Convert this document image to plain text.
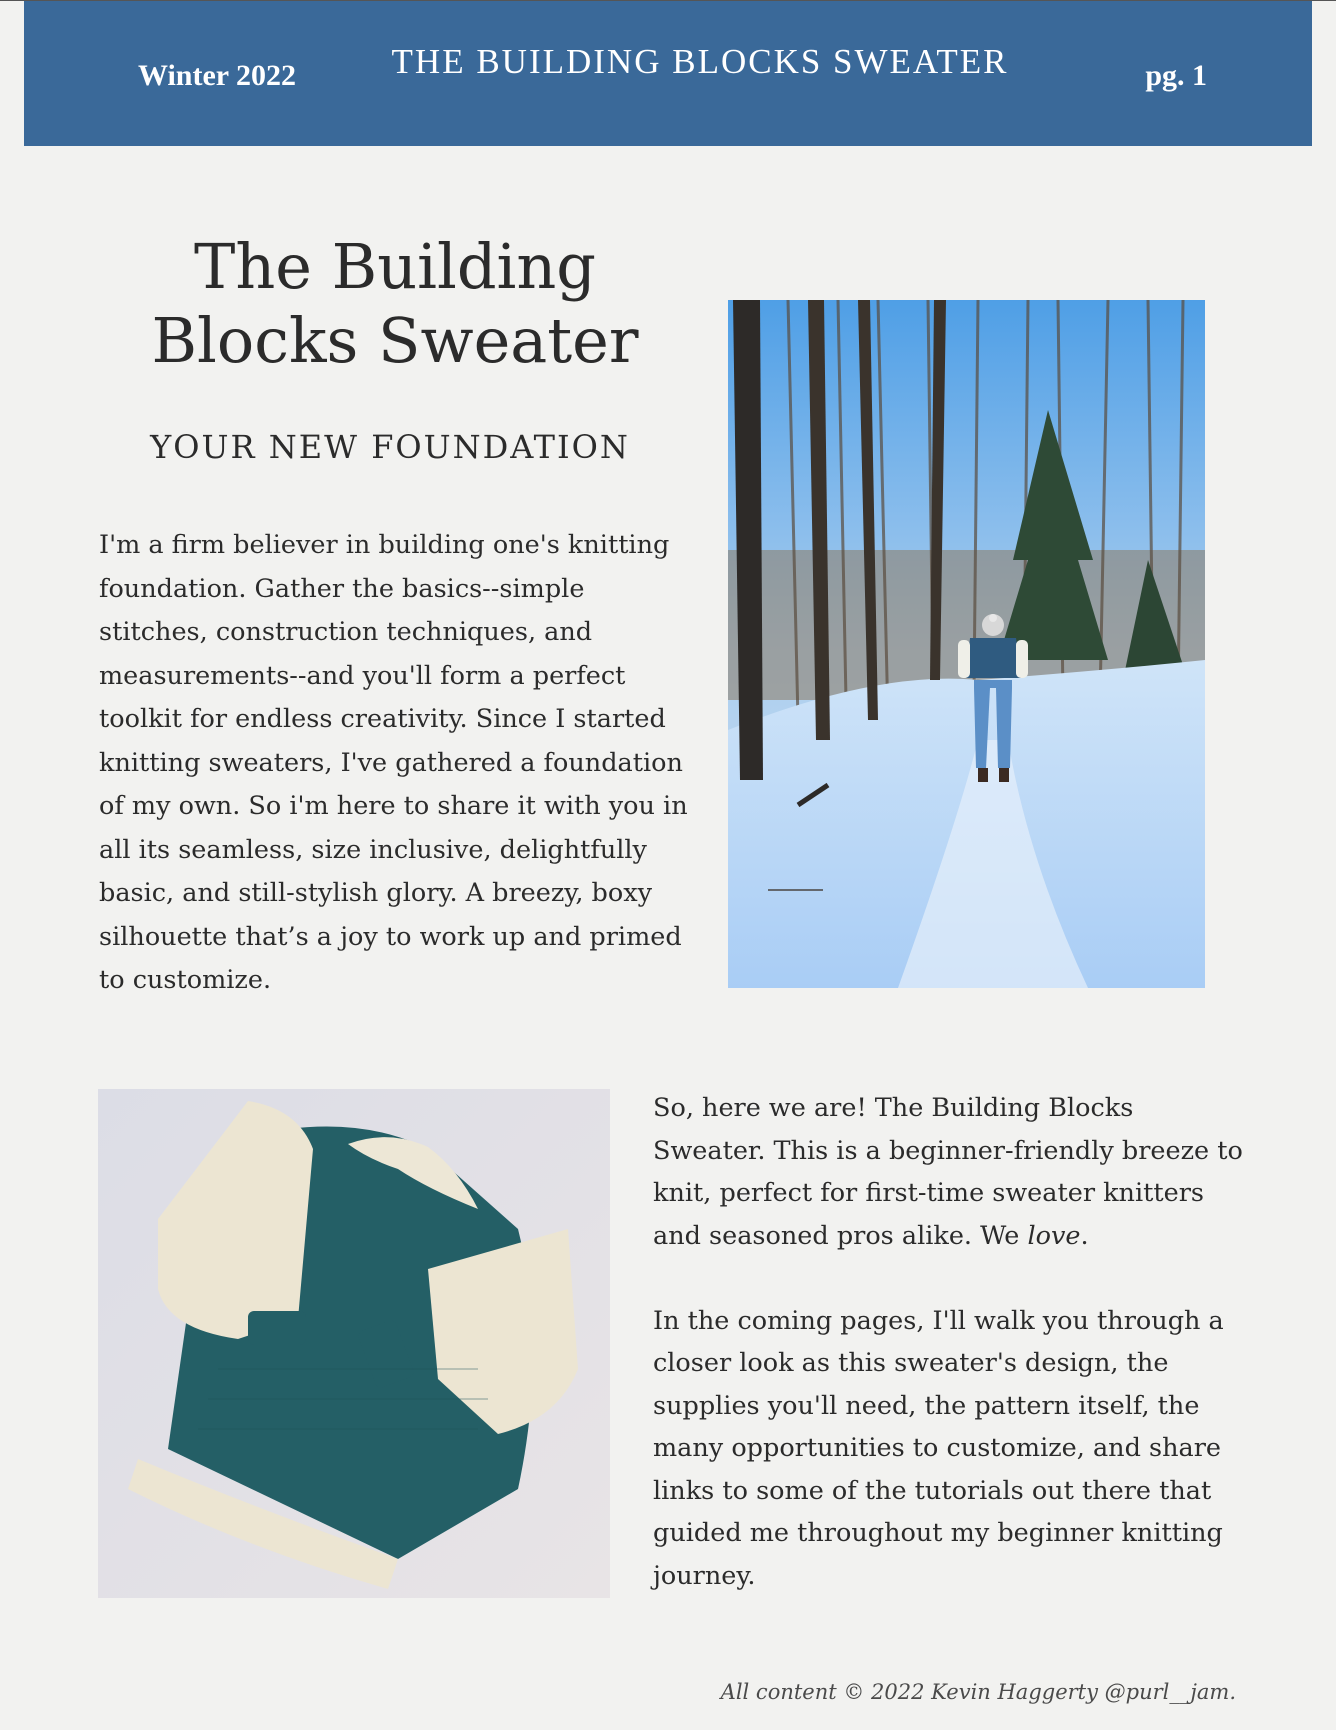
Winter 2022	THE BUILDING BLOCKS SWEATER	pg. 1
The Building Blocks Sweater
YOUR NEW FOUNDATION
I'm a firm believer in building one's knitting foundation. Gather the basics--simple stitches, construction techniques, and measurements--and you'll form a perfect toolkit for endless creativity. Since I started knitting sweaters, I've gathered a foundation of my own. So i'm here to share it with you in all its seamless, size inclusive, delightfully basic, and still-stylish glory. A breezy, boxy silhouette that’s a joy to work up and primed to customize.

So, here we are! The Building Blocks Sweater. This is a beginner-friendly breeze to knit, perfect for first-time sweater knitters and seasoned pros alike. We love.

In the coming pages, I'll walk you through a closer look as this sweater's design, the supplies you'll need, the pattern itself, the many opportunities to customize, and share links to some of the tutorials out there that guided me throughout my beginner knitting journey.

All content © 2022 Kevin Haggerty @purl__jam.
